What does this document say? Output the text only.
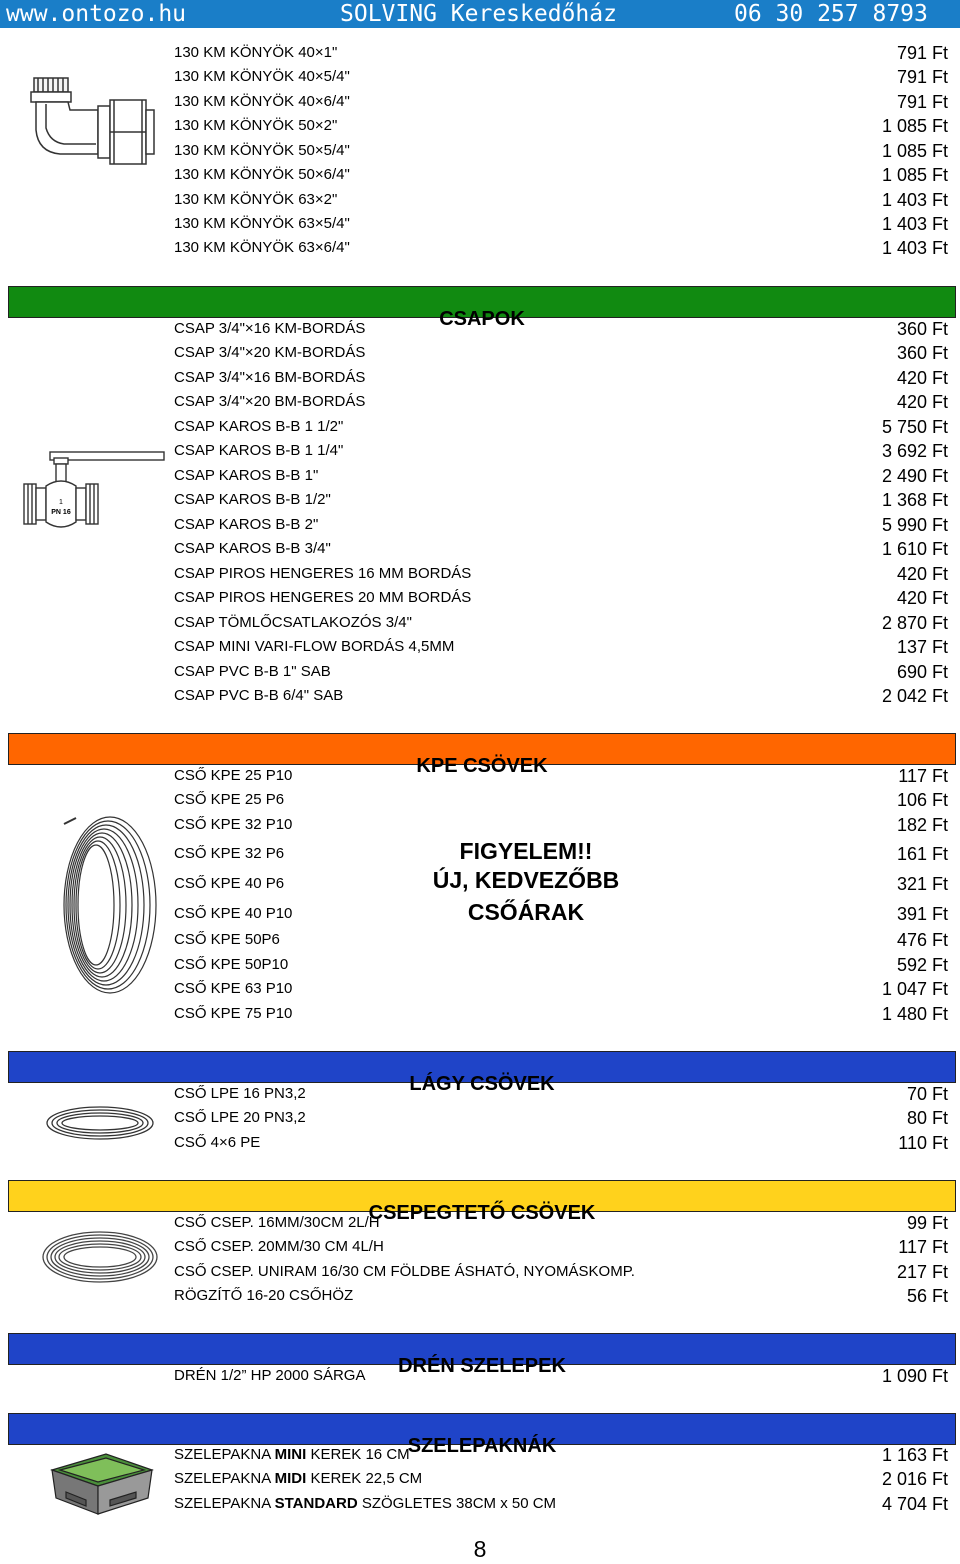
www.ontozo.hu	SOLVING Kereskedőház	06 30 257 8793
130 KM KÖNYÖK 40×1"	791 Ft
130 KM KÖNYÖK 40×5/4"	791 Ft
130 KM KÖNYÖK 40×6/4"	791 Ft
130 KM KÖNYÖK 50×2"	1 085 Ft
130 KM KÖNYÖK 50×5/4"	1 085 Ft
130 KM KÖNYÖK 50×6/4"	1 085 Ft
130 KM KÖNYÖK 63×2"	1 403 Ft
130 KM KÖNYÖK 63×5/4"	1 403 Ft
130 KM KÖNYÖK 63×6/4"	1 403 Ft
CSAPOK
1
PN 16
CSAP 3/4"×16 KM-BORDÁS	360 Ft
CSAP 3/4"×20 KM-BORDÁS	360 Ft
CSAP 3/4"×16 BM-BORDÁS	420 Ft
CSAP 3/4"×20 BM-BORDÁS	420 Ft
CSAP KAROS B-B 1 1/2"	5 750 Ft
CSAP KAROS B-B 1 1/4"	3 692 Ft
CSAP KAROS B-B 1"	2 490 Ft
CSAP KAROS B-B 1/2"	1 368 Ft
CSAP KAROS B-B 2"	5 990 Ft
CSAP KAROS B-B 3/4"	1 610 Ft
CSAP PIROS HENGERES 16 MM BORDÁS	420 Ft
CSAP PIROS HENGERES 20 MM BORDÁS	420 Ft
CSAP TÖMLŐCSATLAKOZÓS 3/4"	2 870 Ft
CSAP MINI VARI-FLOW BORDÁS 4,5MM	137 Ft
CSAP PVC B-B 1" SAB	690 Ft
CSAP PVC B-B 6/4" SAB	2 042 Ft
KPE CSÖVEK
FIGYELEM!!
ÚJ, KEDVEZŐBB
CSŐÁRAK
CSŐ KPE 25 P10	117 Ft
CSŐ KPE 25 P6	106 Ft
CSŐ KPE 32 P10	182 Ft
CSŐ KPE 32 P6	161 Ft
CSŐ KPE 40 P6	321 Ft
CSŐ KPE 40 P10	391 Ft
CSŐ KPE 50P6	476 Ft
CSŐ KPE 50P10	592 Ft
CSŐ KPE 63 P10	1 047 Ft
CSŐ KPE 75 P10	1 480 Ft
LÁGY CSÖVEK
CSŐ LPE 16 PN3,2	70 Ft
CSŐ LPE 20 PN3,2	80 Ft
CSŐ 4×6 PE	110 Ft
CSEPEGTETŐ CSÖVEK
CSŐ CSEP. 16MM/30CM 2L/H	99 Ft
CSŐ CSEP. 20MM/30 CM 4L/H	117 Ft
CSŐ CSEP. UNIRAM 16/30 CM FÖLDBE ÁSHATÓ, NYOMÁSKOMP.	217 Ft
RÖGZÍTŐ 16-20 CSŐHÖZ	56 Ft
DRÉN SZELEPEK
DRÉN 1/2” HP 2000 SÁRGA	1 090 Ft
SZELEPAKNÁK
SZELEPAKNA MINI KEREK 16 CM	1 163 Ft
SZELEPAKNA MIDI KEREK 22,5 CM	2 016 Ft
SZELEPAKNA STANDARD SZÖGLETES 38CM x 50 CM	4 704 Ft
8
